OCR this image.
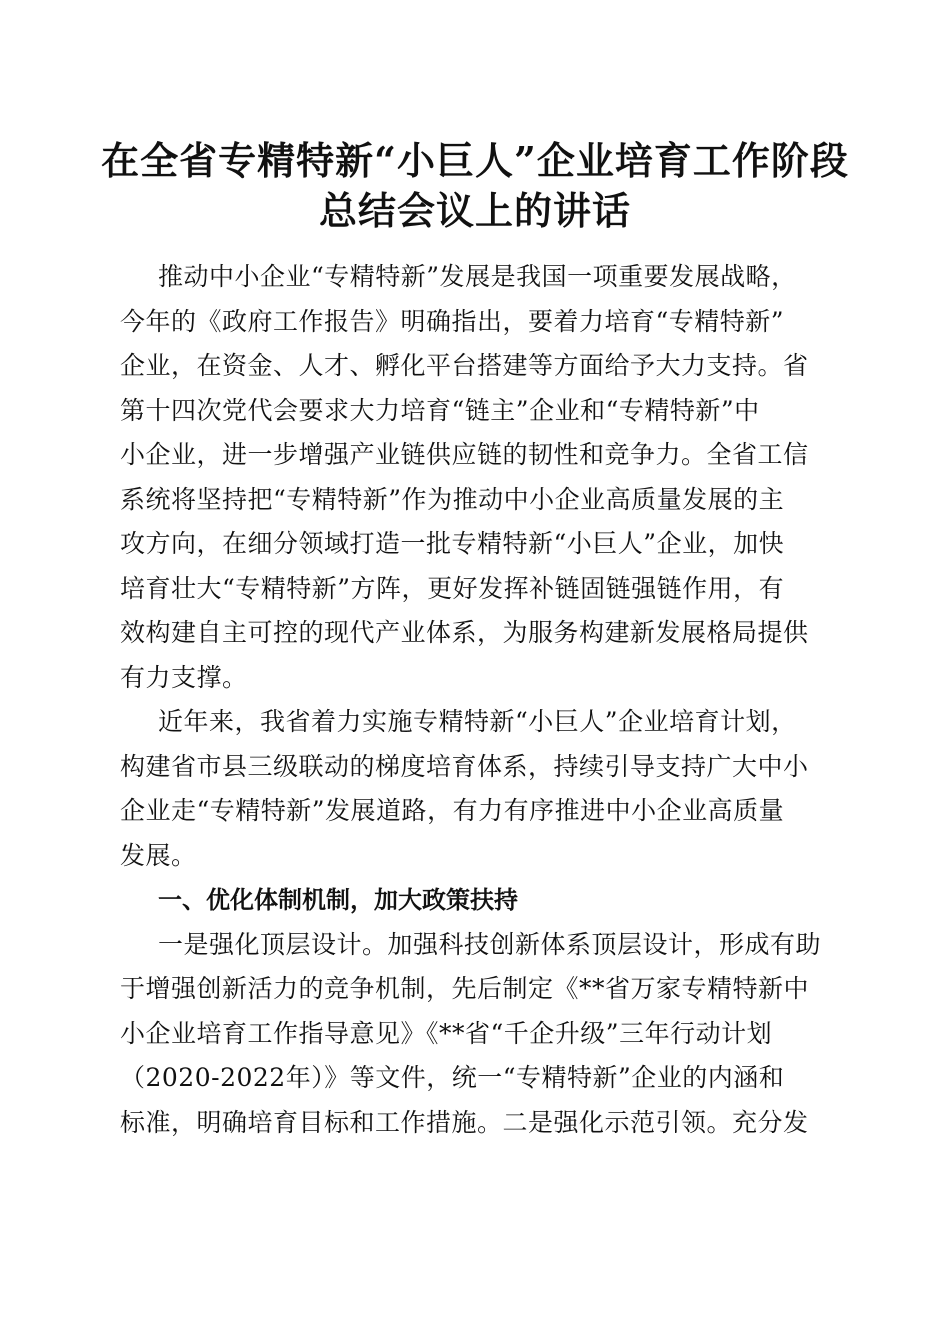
在全省专精特新“小巨人”企业培育工作阶段
总结会议上的讲话

推动中小企业“专精特新”发展是我国一项重要发展战略，
今年的《政府工作报告》明确指出，要着力培育“专精特新”
企业，在资金、人才、孵化平台搭建等方面给予大力支持。省
第十四次党代会要求大力培育“链主”企业和“专精特新”中
小企业，进一步增强产业链供应链的韧性和竞争力。全省工信
系统将坚持把“专精特新”作为推动中小企业高质量发展的主
攻方向，在细分领域打造一批专精特新“小巨人”企业，加快
培育壮大“专精特新”方阵，更好发挥补链固链强链作用，有
效构建自主可控的现代产业体系，为服务构建新发展格局提供
有力支撑。

近年来，我省着力实施专精特新“小巨人”企业培育计划，
构建省市县三级联动的梯度培育体系，持续引导支持广大中小
企业走“专精特新”发展道路，有力有序推进中小企业高质量
发展。

一、优化体制机制，加大政策扶持

一是强化顶层设计。加强科技创新体系顶层设计，形成有助
于增强创新活力的竞争机制，先后制定《**省万家专精特新中
小企业培育工作指导意见》《**省“千企升级”三年行动计划
（2020-2022年）》等文件，统一“专精特新”企业的内涵和
标准，明确培育目标和工作措施。二是强化示范引领。充分发
